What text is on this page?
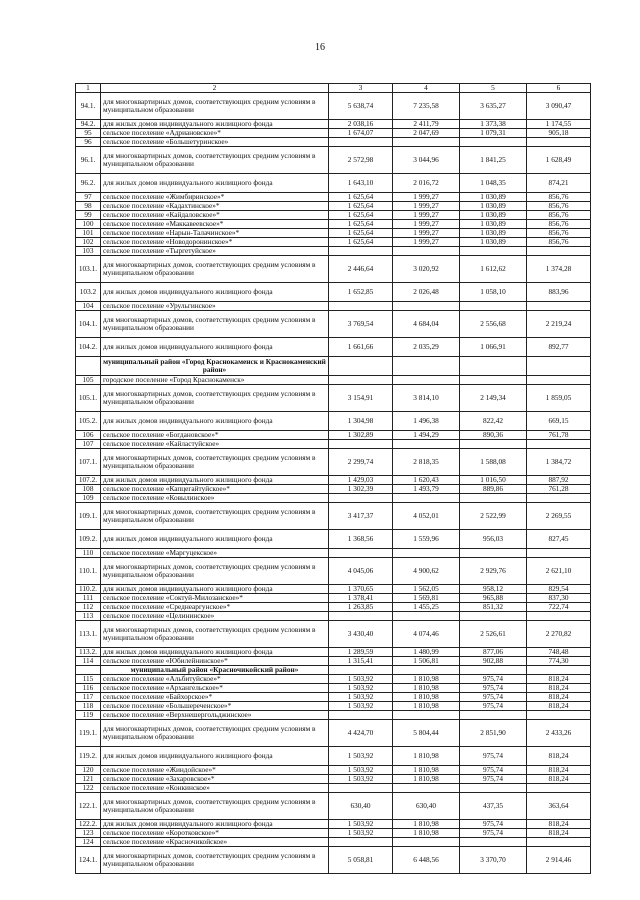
16
1	2	3	4	5	6
94.1.	для многоквартирных домов, соответствующих средним условиям в муниципальном образовании	5 638,74	7 235,58	3 635,27	3 090,47
94.2.	для жилых домов индивидуального жилищного фонда	2 038,16	2 411,79	1 373,38	1 174,55
95	сельское поселение «Адриановское»*	1 674,07	2 047,69	1 079,31	905,18
96	сельское поселение «Большетуринское»				
96.1.	для многоквартирных домов, соответствующих средним условиям в муниципальном образовании	2 572,98	3 044,96	1 841,25	1 628,49
96.2.	для жилых домов индивидуального жилищного фонда	1 643,10	2 016,72	1 048,35	874,21
97	сельское поселение «Жимбиринское»*	1 625,64	1 999,27	1 030,89	856,76
98	сельское поселение «Кадахтинское»*	1 625,64	1 999,27	1 030,89	856,76
99	сельское поселение «Кайдаловское»*	1 625,64	1 999,27	1 030,89	856,76
100	сельское поселение «Маккавеевское»*	1 625,64	1 999,27	1 030,89	856,76
101	сельское поселение «Нарын-Талачинское»*	1 625,64	1 999,27	1 030,89	856,76
102	сельское поселение «Новодоронинское»*	1 625,64	1 999,27	1 030,89	856,76
103	сельское поселение «Тыргетуйское»				
103.1.	для многоквартирных домов, соответствующих средним условиям в муниципальном образовании	2 446,64	3 020,92	1 612,62	1 374,28
103.2	для жилых домов индивидуального жилищного фонда	1 652,85	2 026,48	1 058,10	883,96
104	сельское поселение «Урульгинское»				
104.1.	для многоквартирных домов, соответствующих средним условиям в муниципальном образовании	3 769,54	4 684,04	2 556,68	2 219,24
104.2.	для жилых домов индивидуального жилищного фонда	1 661,66	2 035,29	1 066,91	892,77
	муниципальный район «Город Краснокаменск и Краснокаменский район»				
105	городское поселение «Город Краснокаменск»				
105.1.	для многоквартирных домов, соответствующих средним условиям в муниципальном образовании	3 154,91	3 814,10	2 149,34	1 859,05
105.2.	для жилых домов индивидуального жилищного фонда	1 304,98	1 496,38	822,42	669,15
106	сельское поселение «Богдановское»*	1 302,89	1 494,29	890,36	761,78
107	сельское поселение «Кайластуйское»				
107.1.	для многоквартирных домов, соответствующих средним условиям в муниципальном образовании	2 299,74	2 818,35	1 588,08	1 384,72
107.2.	для жилых домов индивидуального жилищного фонда	1 429,03	1 620,43	1 016,50	887,92
108	сельское поселение «Капцегайтуйское»*	1 302,39	1 493,79	889,86	761,28
109	сельское поселение «Ковылинское»				
109.1.	для многоквартирных домов, соответствующих средним условиям в муниципальном образовании	3 417,37	4 052,01	2 522,99	2 269,55
109.2.	для жилых домов индивидуального жилищного фонда	1 368,56	1 559,96	956,03	827,45
110	сельское поселение «Маргуцекское»				
110.1.	для многоквартирных домов, соответствующих средним условиям в муниципальном образовании	4 045,06	4 900,62	2 929,76	2 621,10
110.2.	для жилых домов индивидуального жилищного фонда	1 370,65	1 562,05	958,12	829,54
111	сельское поселение «Соктуй-Милозанское»*	1 378,41	1 569,81	965,88	837,30
112	сельское поселение «Среднеаргунское»*	1 263,85	1 455,25	851,32	722,74
113	сельское поселение «Целининское»				
113.1.	для многоквартирных домов, соответствующих средним условиям в муниципальном образовании	3 430,40	4 074,46	2 526,61	2 270,82
113.2.	для жилых домов индивидуального жилищного фонда	1 289,59	1 480,99	877,06	748,48
114	сельское поселение «Юбилейнинское»*	1 315,41	1 506,81	902,88	774,30
	муниципальный район «Красночикойский район»				
115	сельское поселение «Альбитуйское»*	1 503,92	1 810,98	975,74	818,24
116	сельское поселение «Архангельское»*	1 503,92	1 810,98	975,74	818,24
117	сельское поселение «Байхорское»*	1 503,92	1 810,98	975,74	818,24
118	сельское поселение «Большереченское»*	1 503,92	1 810,98	975,74	818,24
119	сельское поселение «Верхнешергольджинское»				
119.1.	для многоквартирных домов, соответствующих средним условиям в муниципальном образовании	4 424,70	5 804,44	2 851,90	2 433,26
119.2.	для жилых домов индивидуального жилищного фонда	1 503,92	1 810,98	975,74	818,24
120	сельское поселение «Жиндойское»*	1 503,92	1 810,98	975,74	818,24
121	сельское поселение «Захаровское»*	1 503,92	1 810,98	975,74	818,24
122	сельское поселение «Конкинское»				
122.1.	для многоквартирных домов, соответствующих средним условиям в муниципальном образовании	630,40	630,40	437,35	363,64
122.2.	для жилых домов индивидуального жилищного фонда	1 503,92	1 810,98	975,74	818,24
123	сельское поселение «Коротковское»*	1 503,92	1 810,98	975,74	818,24
124	сельское поселение «Красночикойское»				
124.1.	для многоквартирных домов, соответствующих средним условиям в муниципальном образовании	5 058,81	6 448,56	3 370,70	2 914,46
